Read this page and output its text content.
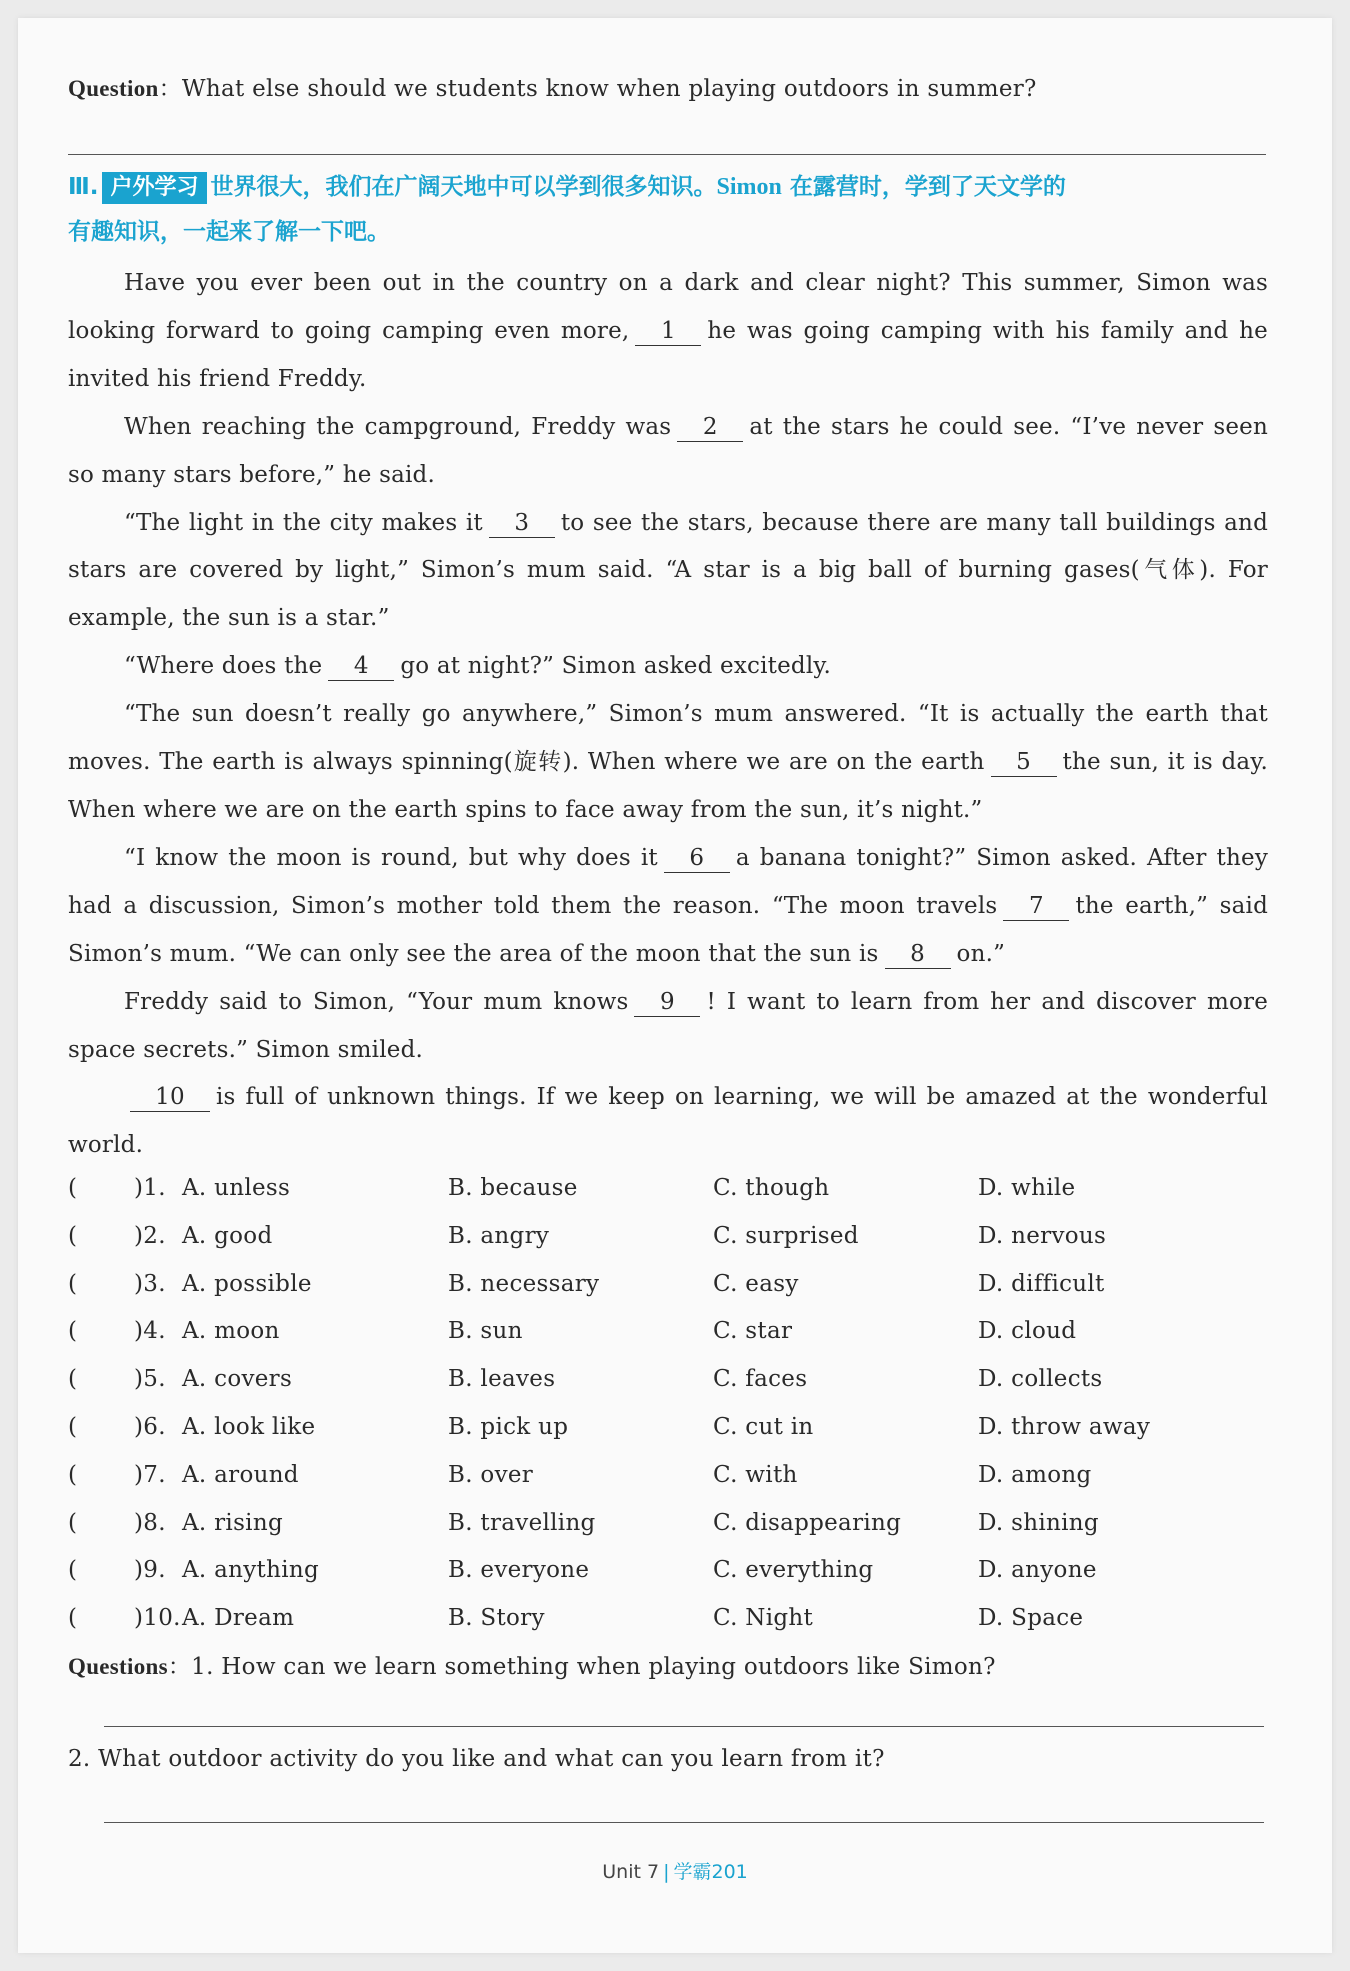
Question：What else should we students know when playing outdoors in summer?
Ⅲ. 户外学习 世界很大，我们在广阔天地中可以学到很多知识。Simon 在露营时，学到了天文学的
有趣知识，一起来了解一下吧。

Have you ever been out in the country on a dark and clear night? This summer, Simon was looking forward to going camping even more, 1 he was going camping with his family and he invited his friend Freddy.

When reaching the campground, Freddy was 2 at the stars he could see. “I’ve never seen so many stars before,” he said.

“The light in the city makes it 3 to see the stars, because there are many tall buildings and stars are covered by light,” Simon’s mum said. “A star is a big ball of burning gases(气体). For example, the sun is a star.”

“Where does the 4 go at night?” Simon asked excitedly.

“The sun doesn’t really go anywhere,” Simon’s mum answered. “It is actually the earth that moves. The earth is always spinning(旋转). When where we are on the earth 5 the sun, it is day. When where we are on the earth spins to face away from the sun, it’s night.”

“I know the moon is round, but why does it 6 a banana tonight?” Simon asked. After they had a discussion, Simon’s mother told them the reason. “The moon travels 7 the earth,” said Simon’s mum. “We can only see the area of the moon that the sun is 8 on.”

Freddy said to Simon, “Your mum knows 9 ! I want to learn from her and discover more space secrets.” Simon smiled.

10 is full of unknown things. If we keep on learning, we will be amazed at the wonderful world.

( )1. A. unless	B. because	C. though	D. while
( )2. A. good	B. angry	C. surprised	D. nervous
( )3. A. possible	B. necessary	C. easy	D. difficult
( )4. A. moon	B. sun	C. star	D. cloud
( )5. A. covers	B. leaves	C. faces	D. collects
( )6. A. look like	B. pick up	C. cut in	D. throw away
( )7. A. around	B. over	C. with	D. among
( )8. A. rising	B. travelling	C. disappearing	D. shining
( )9. A. anything	B. everyone	C. everything	D. anyone
( )10. A. Dream	B. Story	C. Night	D. Space
Questions：1. How can we learn something when playing outdoors like Simon?
2. What outdoor activity do you like and what can you learn from it?
Unit 7 | 学霸201
